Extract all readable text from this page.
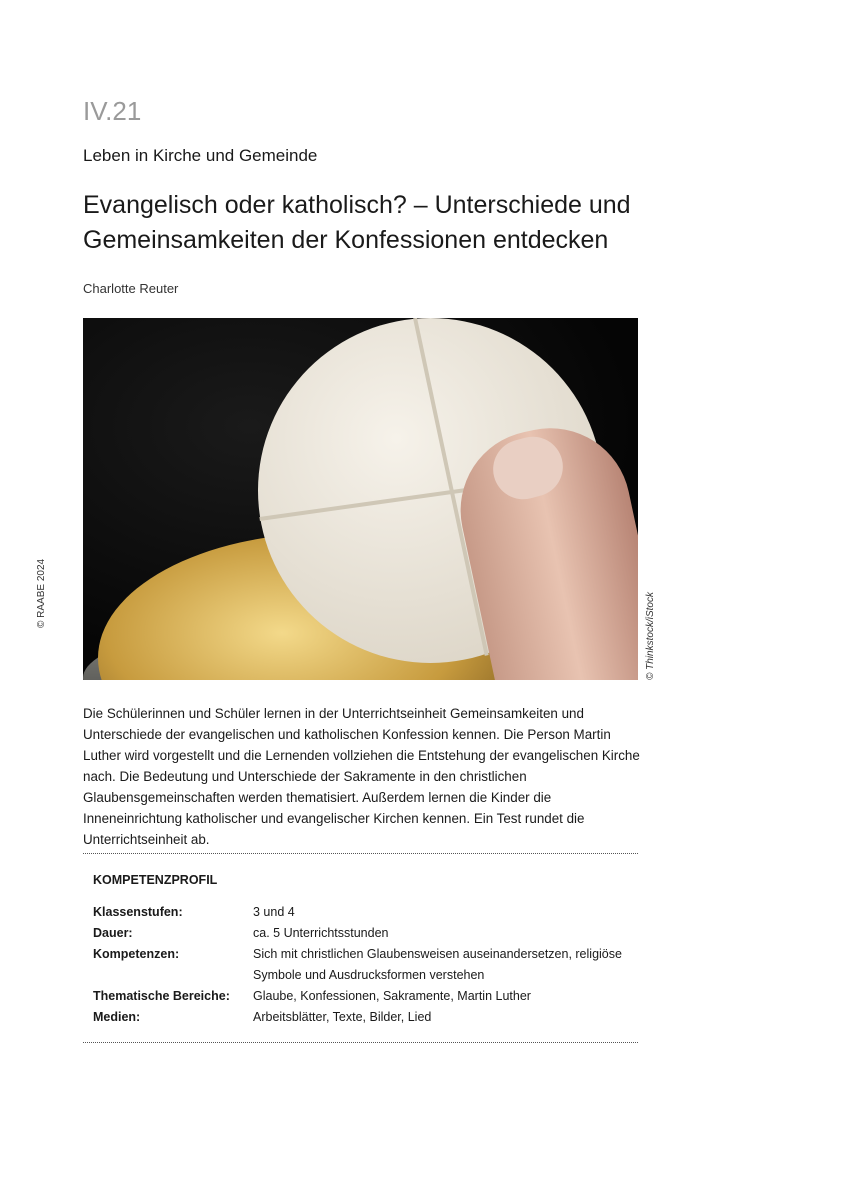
IV.21
Leben in Kirche und Gemeinde
Evangelisch oder katholisch? – Unterschiede und Gemeinsamkeiten der Konfessionen entdecken
Charlotte Reuter
© Thinkstock/iStock
© RAABE 2024
Die Schülerinnen und Schüler lernen in der Unterrichtseinheit Gemeinsamkeiten und Unterschiede der evangelischen und katholischen Konfession kennen. Die Person Martin Luther wird vorgestellt und die Lernenden vollziehen die Entstehung der evangelischen Kirche nach. Die Bedeutung und Unterschiede der Sakramente in den christlichen Glaubensgemeinschaften werden thematisiert. Außerdem lernen die Kinder die Inneneinrichtung katholischer und evangelischer Kirchen kennen. Ein Test rundet die Unterrichtseinheit ab.
KOMPETENZPROFIL
Klassenstufen:	3 und 4
Dauer:	ca. 5 Unterrichtsstunden
Kompetenzen:	Sich mit christlichen Glaubensweisen auseinandersetzen, religiöse Symbole und Ausdrucksformen verstehen
Thematische Bereiche:	Glaube, Konfessionen, Sakramente, Martin Luther
Medien:	Arbeitsblätter, Texte, Bilder, Lied
